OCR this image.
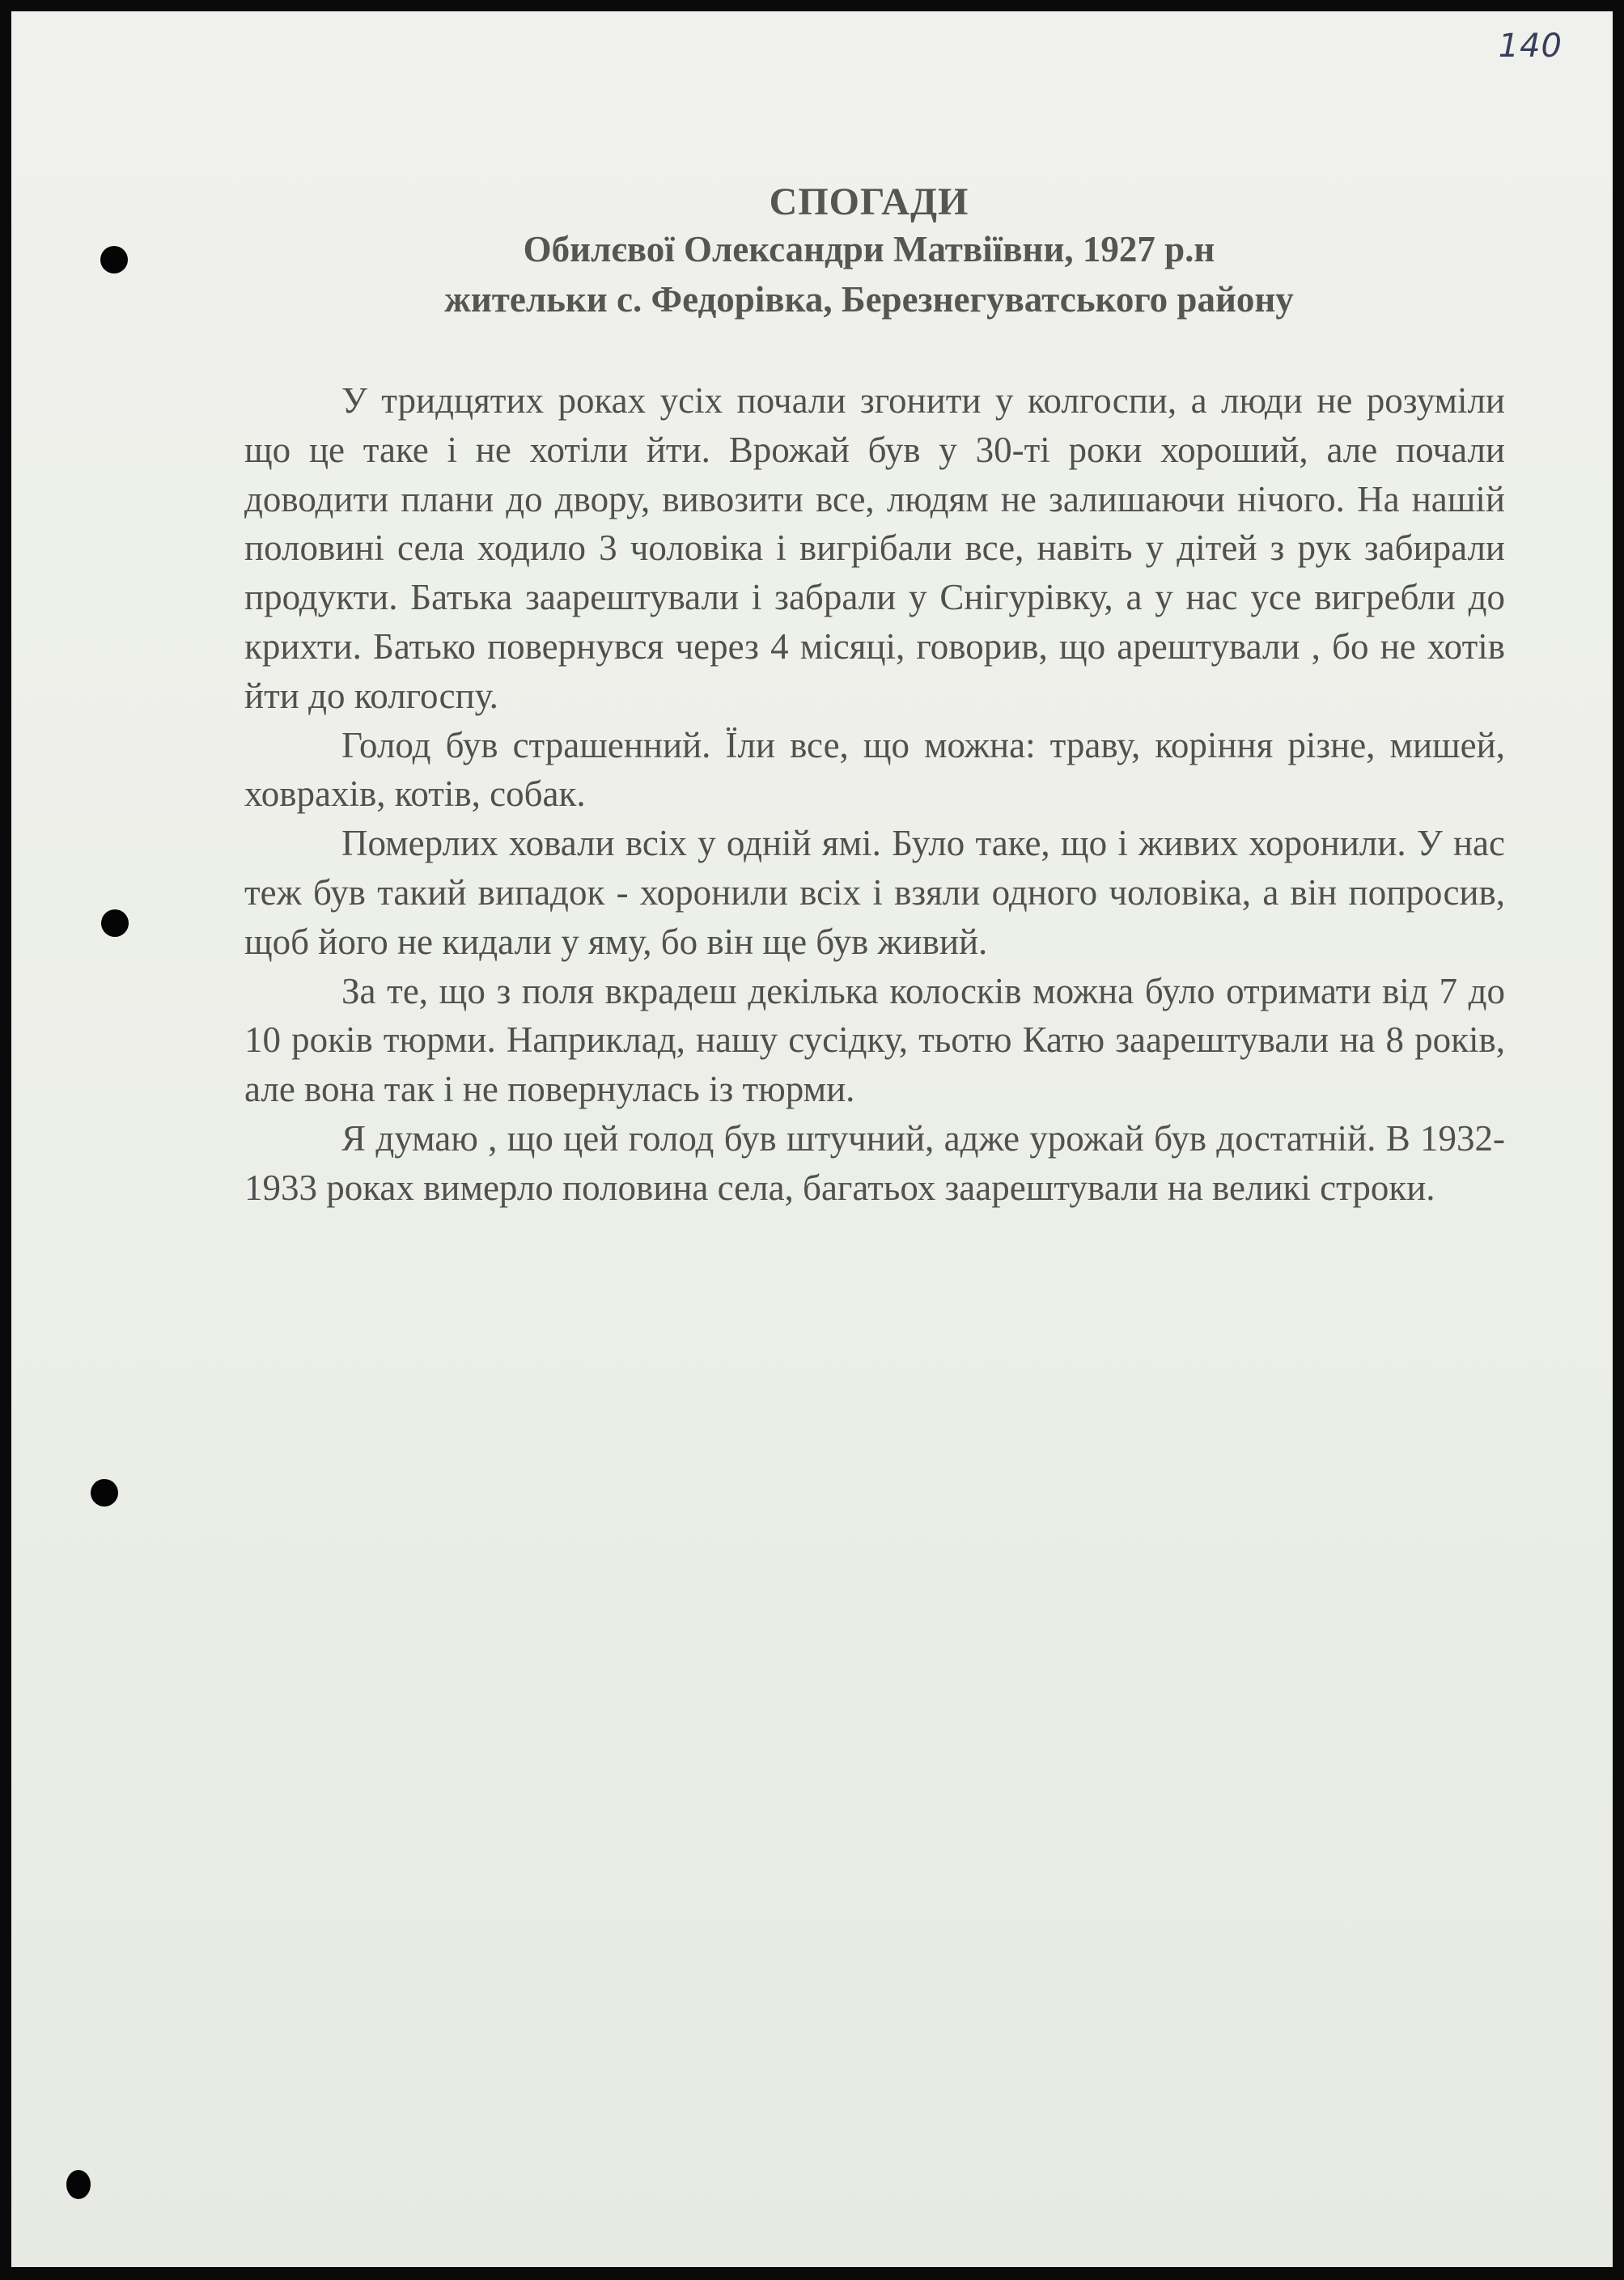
140
СПОГАДИ
Обилєвої Олександри Матвіївни, 1927 р.н
жительки с. Федорівка, Березнегуватського району

У тридцятих роках усіх почали згонити у колгоспи, а люди не розуміли що це таке і не хотіли йти. Врожай був у 30-ті роки хороший, але почали доводити плани до двору, вивозити все, людям не залишаючи нічого. На нашій половині села ходило 3 чоловіка і вигрібали все, навіть у дітей з рук забирали продукти. Батька заарештували і забрали у Снігурівку, а у нас усе вигребли до крихти. Батько повернувся через 4 місяці, говорив, що арештували , бо не хотів йти до колгоспу.

Голод був страшенний. Їли все, що можна: траву, коріння різне, мишей, ховрахів, котів, собак.

Померлих ховали всіх у одній ямі. Було таке, що і живих хоронили. У нас теж був такий випадок - хоронили всіх і взяли одного чоловіка, а він попросив, щоб його не кидали у яму, бо він ще був живий.

За те, що з поля вкрадеш декілька колосків можна було отримати від 7 до 10 років тюрми. Наприклад, нашу сусідку, тьотю Катю заарештували на 8 років, але вона так і не повернулась із тюрми.

Я думаю , що цей голод був штучний, адже урожай був достатній. В 1932-1933 роках вимерло половина села, багатьох заарештували на великі строки.
